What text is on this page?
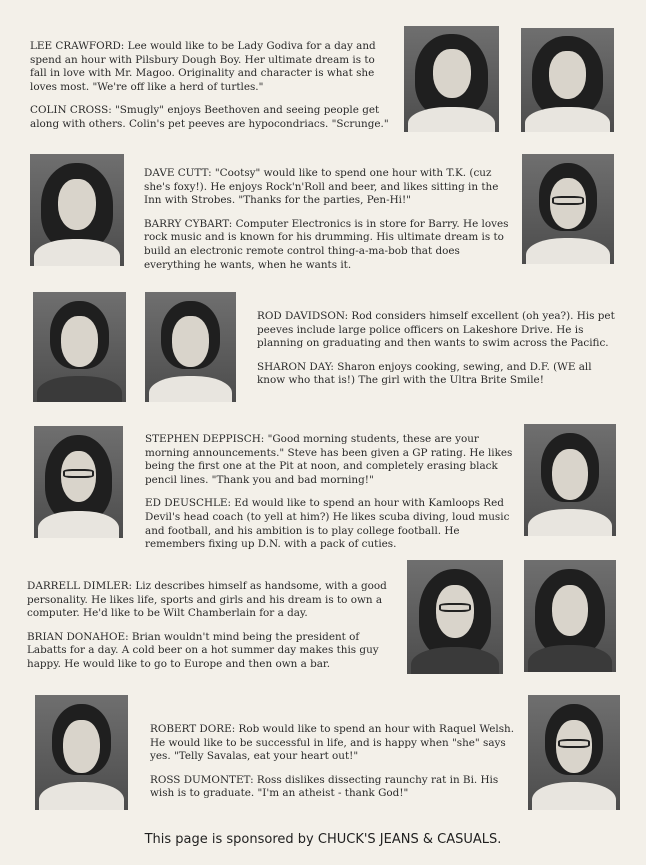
LEE CRAWFORD: Lee would like to be Lady Godiva for a day and spend an hour with Pilsbury Dough Boy. Her ultimate dream is to fall in love with Mr. Magoo. Originality and character is what she loves most. "We're off like a herd of turtles."

COLIN CROSS: "Smugly" enjoys Beethoven and seeing people get along with others. Colin's pet peeves are hypocondriacs. "Scrunge."

DAVE CUTT: "Cootsy" would like to spend one hour with T.K. (cuz she's foxy!). He enjoys Rock'n'Roll and beer, and likes sitting in the Inn with Strobes. "Thanks for the parties, Pen-Hi!"

BARRY CYBART: Computer Electronics is in store for Barry. He loves rock music and is known for his drumming. His ultimate dream is to build an electronic remote control thing-a-ma-bob that does everything he wants, when he wants it.

ROD DAVIDSON: Rod considers himself excellent (oh yea?). His pet peeves include large police officers on Lakeshore Drive. He is planning on graduating and then wants to swim across the Pacific.

SHARON DAY: Sharon enjoys cooking, sewing, and D.F. (WE all know who that is!) The girl with the Ultra Brite Smile!

STEPHEN DEPPISCH: "Good morning students, these are your morning announcements." Steve has been given a GP rating. He likes being the first one at the Pit at noon, and completely erasing black pencil lines. "Thank you and bad morning!"

ED DEUSCHLE: Ed would like to spend an hour with Kamloops Red Devil's head coach (to yell at him?) He likes scuba diving, loud music and football, and his ambition is to play college football. He remembers fixing up D.N. with a pack of cuties.

DARRELL DIMLER: Liz describes himself as handsome, with a good personality. He likes life, sports and girls and his dream is to own a computer. He'd like to be Wilt Chamberlain for a day.

BRIAN DONAHOE: Brian wouldn't mind being the president of Labatts for a day. A cold beer on a hot summer day makes this guy happy. He would like to go to Europe and then own a bar.

ROBERT DORE: Rob would like to spend an hour with Raquel Welsh. He would like to be successful in life, and is happy when "she" says yes. "Telly Savalas, eat your heart out!"

ROSS DUMONTET: Ross dislikes dissecting raunchy rat in Bi. His wish is to graduate. "I'm an atheist - thank God!"

This page is sponsored by CHUCK'S JEANS & CASUALS.
